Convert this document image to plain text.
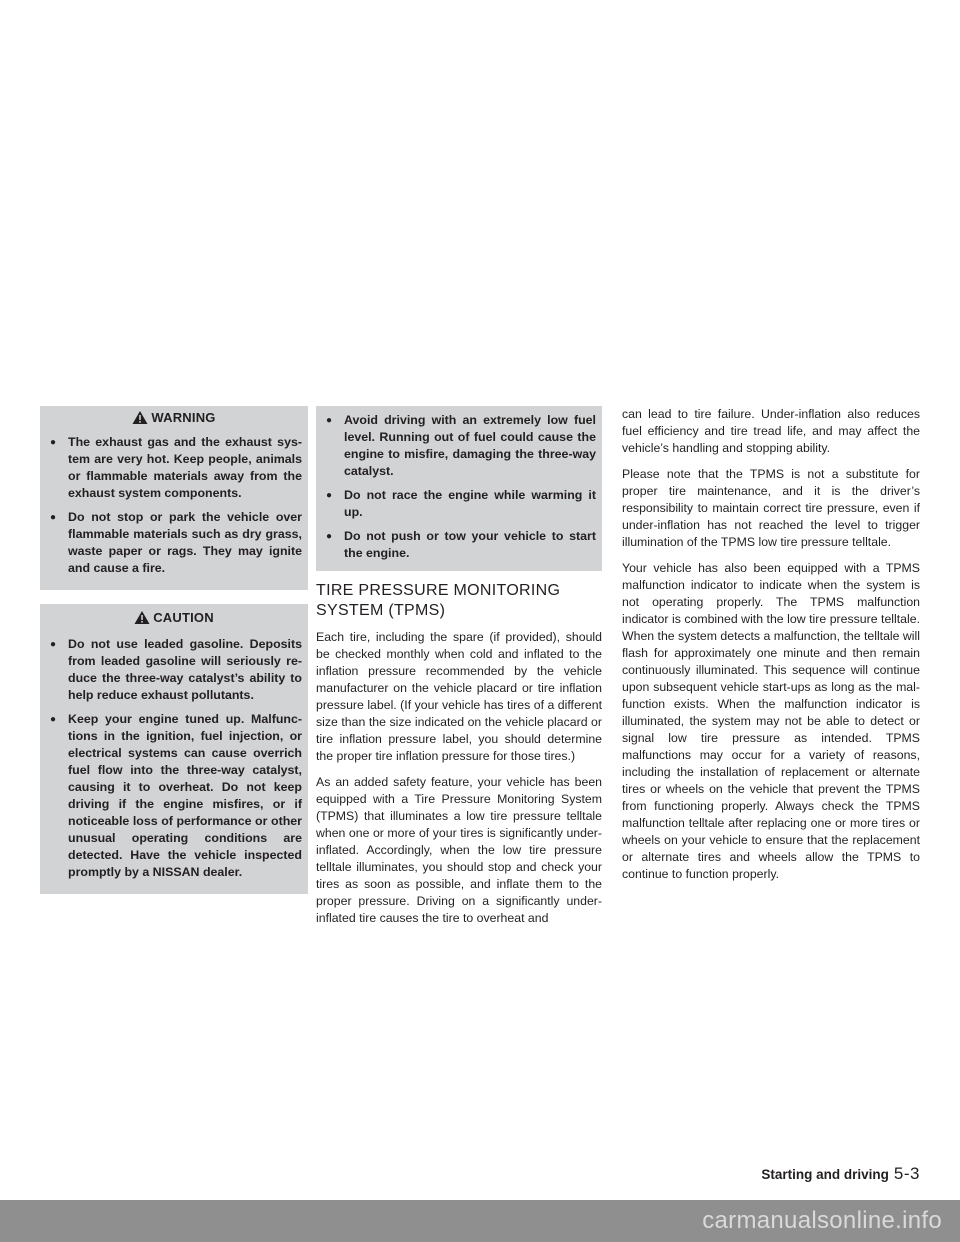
WARNING
● The exhaust gas and the exhaust system are very hot. Keep people, animals or flammable materials away from the exhaust system components.
● Do not stop or park the vehicle over flammable materials such as dry grass, waste paper or rags. They may ignite and cause a fire.
CAUTION
● Do not use leaded gasoline. Deposits from leaded gasoline will seriously reduce the three-way catalyst’s ability to help reduce exhaust pollutants.
● Keep your engine tuned up. Malfunctions in the ignition, fuel injection, or electrical systems can cause overrich fuel flow into the three-way catalyst, causing it to overheat. Do not keep driving if the engine misfires, or if noticeable loss of performance or other unusual operating conditions are detected. Have the vehicle inspected promptly by a NISSAN dealer.
● Avoid driving with an extremely low fuel level. Running out of fuel could cause the engine to misfire, damaging the three-way catalyst.
● Do not race the engine while warming it up.
● Do not push or tow your vehicle to start the engine.
TIRE PRESSURE MONITORING
SYSTEM (TPMS)

Each tire, including the spare (if provided), should be checked monthly when cold and inflated to the inflation pressure recommended by the vehicle manufacturer on the vehicle placard or tire inflation pressure label. (If your vehicle has tires of a different size than the size indicated on the vehicle placard or tire inflation pressure label, you should determine the proper tire inflation pressure for those tires.)

As an added safety feature, your vehicle has been equipped with a Tire Pressure Monitoring System (TPMS) that illuminates a low tire pressure telltale when one or more of your tires is significantly under-inflated. Accordingly, when the low tire pressure telltale illuminates, you should stop and check your tires as soon as possible, and inflate them to the proper pressure. Driving on a significantly under-inflated tire causes the tire to overheat and

can lead to tire failure. Under-inflation also reduces fuel efficiency and tire tread life, and may affect the vehicle’s handling and stopping ability.

Please note that the TPMS is not a substitute for proper tire maintenance, and it is the driver’s responsibility to maintain correct tire pressure, even if under-inflation has not reached the level to trigger illumination of the TPMS low tire pressure telltale.

Your vehicle has also been equipped with a TPMS malfunction indicator to indicate when the system is not operating properly. The TPMS malfunction indicator is combined with the low tire pressure telltale. When the system detects a malfunction, the telltale will flash for approximately one minute and then remain continuously illuminated. This sequence will continue upon subsequent vehicle start-ups as long as the malfunction exists. When the malfunction indicator is illuminated, the system may not be able to detect or signal low tire pressure as intended. TPMS malfunctions may occur for a variety of reasons, including the installation of replacement or alternate tires or wheels on the vehicle that prevent the TPMS from functioning properly. Always check the TPMS malfunction telltale after replacing one or more tires or wheels on your vehicle to ensure that the replacement or alternate tires and wheels allow the TPMS to continue to function properly.

Starting and driving 5-3
carmanualsonline.info
